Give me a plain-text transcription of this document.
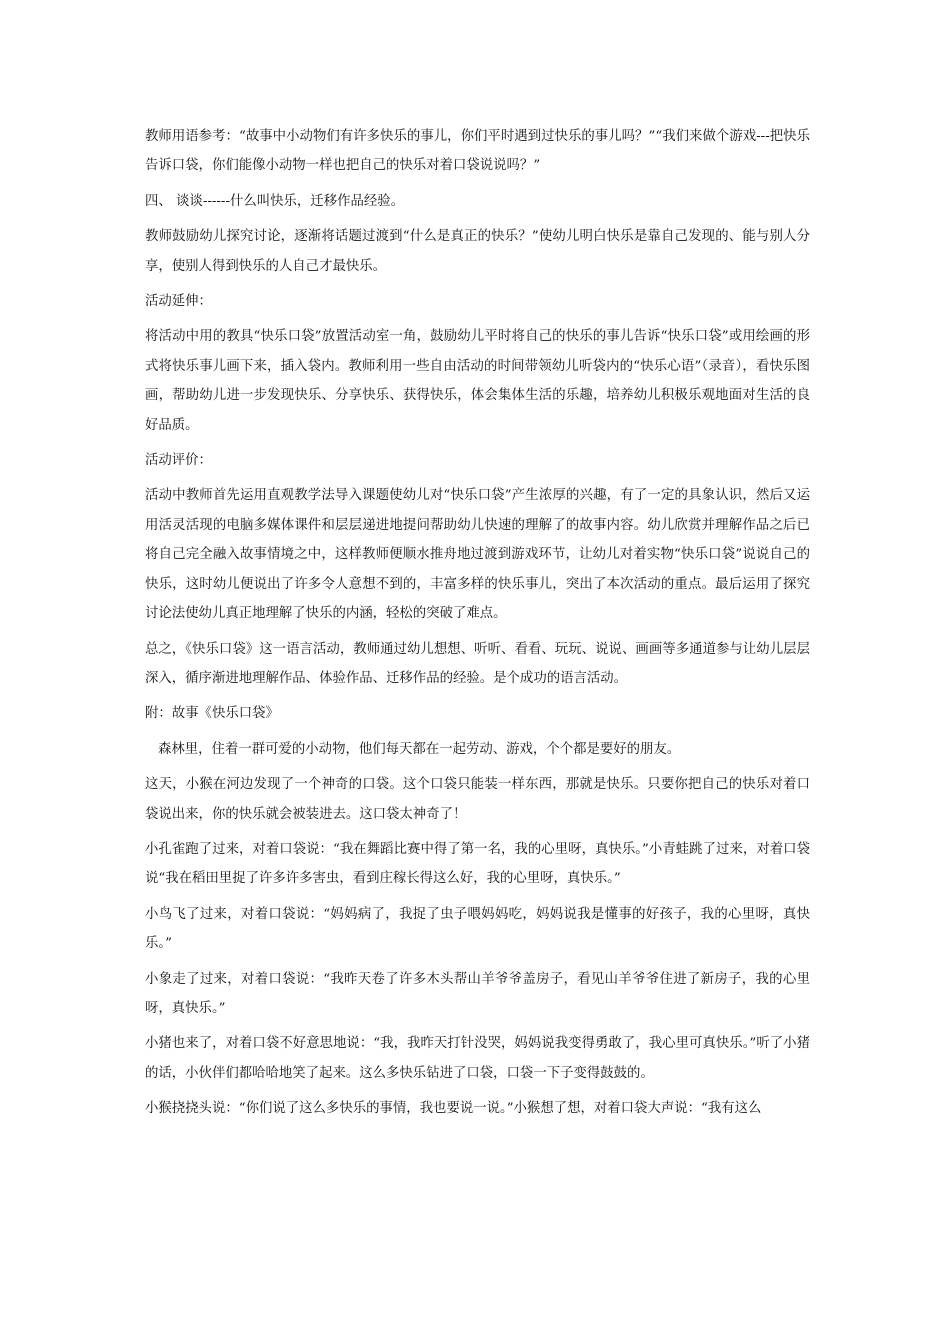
教师用语参考：“故事中小动物们有许多快乐的事儿，你们平时遇到过快乐的事儿吗？”“我们来做个游戏---把快乐告诉口袋，你们能像小动物一样也把自己的快乐对着口袋说说吗？”

四、 谈谈------什么叫快乐，迁移作品经验。

教师鼓励幼儿探究讨论，逐渐将话题过渡到“什么是真正的快乐？”使幼儿明白快乐是靠自己发现的、能与别人分享，使别人得到快乐的人自己才最快乐。

活动延伸：

将活动中用的教具“快乐口袋”放置活动室一角，鼓励幼儿平时将自己的快乐的事儿告诉“快乐口袋”或用绘画的形式将快乐事儿画下来，插入袋内。教师利用一些自由活动的时间带领幼儿听袋内的“快乐心语”（录音），看快乐图画，帮助幼儿进一步发现快乐、分享快乐、获得快乐，体会集体生活的乐趣，培养幼儿积极乐观地面对生活的良好品质。

活动评价：

活动中教师首先运用直观教学法导入课题使幼儿对“快乐口袋”产生浓厚的兴趣，有了一定的具象认识，然后又运用活灵活现的电脑多媒体课件和层层递进地提问帮助幼儿快速的理解了的故事内容。幼儿欣赏并理解作品之后已将自己完全融入故事情境之中，这样教师便顺水推舟地过渡到游戏环节，让幼儿对着实物“快乐口袋”说说自己的快乐，这时幼儿便说出了许多令人意想不到的，丰富多样的快乐事儿，突出了本次活动的重点。最后运用了探究讨论法使幼儿真正地理解了快乐的内涵，轻松的突破了难点。

总之，《快乐口袋》这一语言活动，教师通过幼儿想想、听听、看看、玩玩、说说、画画等多通道参与让幼儿层层深入，循序渐进地理解作品、体验作品、迁移作品的经验。是个成功的语言活动。

附：故事《快乐口袋》

森林里，住着一群可爱的小动物，他们每天都在一起劳动、游戏，个个都是要好的朋友。

这天，小猴在河边发现了一个神奇的口袋。这个口袋只能装一样东西，那就是快乐。只要你把自己的快乐对着口袋说出来，你的快乐就会被装进去。这口袋太神奇了！

小孔雀跑了过来，对着口袋说：“我在舞蹈比赛中得了第一名，我的心里呀，真快乐。”小青蛙跳了过来，对着口袋说“我在稻田里捉了许多许多害虫，看到庄稼长得这么好，我的心里呀，真快乐。”

小鸟飞了过来，对着口袋说：“妈妈病了，我捉了虫子喂妈妈吃，妈妈说我是懂事的好孩子，我的心里呀，真快乐。”

小象走了过来，对着口袋说：“我昨天卷了许多木头帮山羊爷爷盖房子，看见山羊爷爷住进了新房子，我的心里呀，真快乐。”

小猪也来了，对着口袋不好意思地说：“我，我昨天打针没哭，妈妈说我变得勇敢了，我心里可真快乐。”听了小猪的话，小伙伴们都哈哈地笑了起来。这么多快乐钻进了口袋，口袋一下子变得鼓鼓的。

小猴挠挠头说：“你们说了这么多快乐的事情，我也要说一说。”小猴想了想，对着口袋大声说：“我有这么
